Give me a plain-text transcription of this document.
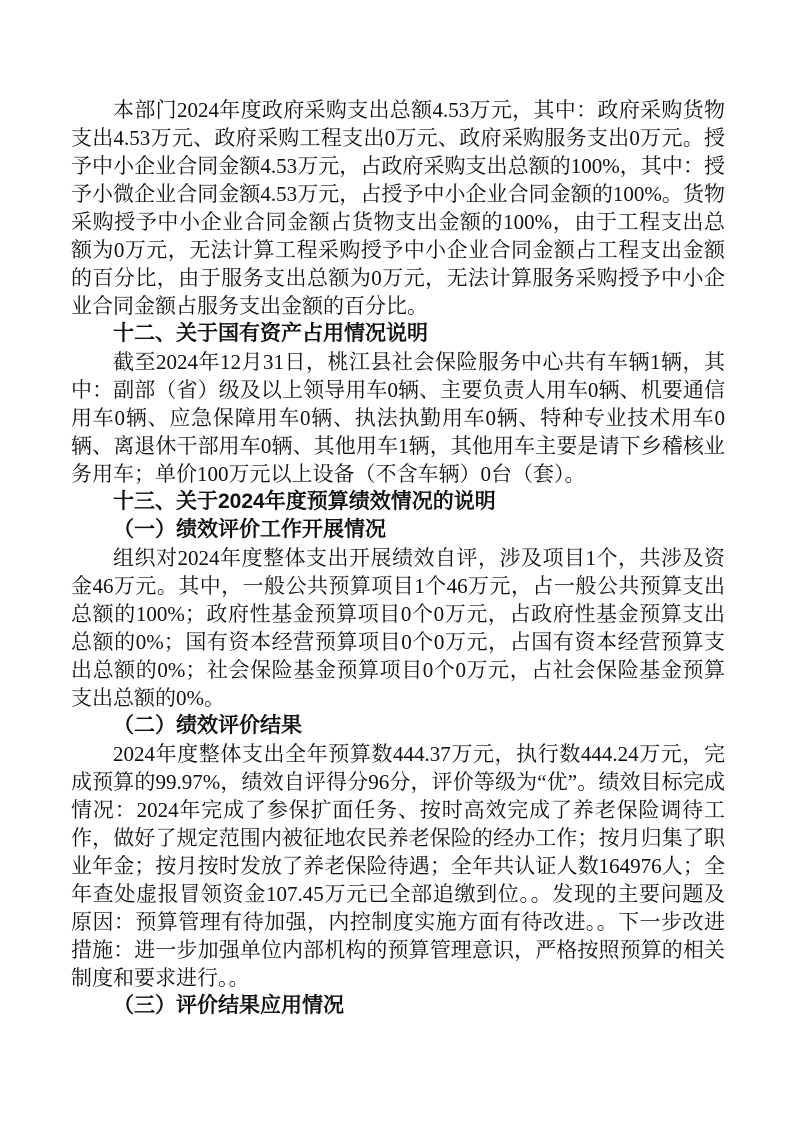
本部门2024年度政府采购支出总额4.53万元，其中：政府采购货物支出4.53万元、政府采购工程支出0万元、政府采购服务支出0万元。授予中小企业合同金额4.53万元，占政府采购支出总额的100%，其中：授予小微企业合同金额4.53万元，占授予中小企业合同金额的100%。货物采购授予中小企业合同金额占货物支出金额的100%，由于工程支出总额为0万元，无法计算工程采购授予中小企业合同金额占工程支出金额的百分比，由于服务支出总额为0万元，无法计算服务采购授予中小企业合同金额占服务支出金额的百分比。

十二、关于国有资产占用情况说明

截至2024年12月31日，桃江县社会保险服务中心共有车辆1辆，其中：副部（省）级及以上领导用车0辆、主要负责人用车0辆、机要通信用车0辆、应急保障用车0辆、执法执勤用车0辆、特种专业技术用车0辆、离退休干部用车0辆、其他用车1辆，其他用车主要是请下乡稽核业务用车；单价100万元以上设备（不含车辆）0台（套）。

十三、关于2024年度预算绩效情况的说明

（一）绩效评价工作开展情况

组织对2024年度整体支出开展绩效自评，涉及项目1个，共涉及资金46万元。其中，一般公共预算项目1个46万元，占一般公共预算支出总额的100%；政府性基金预算项目0个0万元，占政府性基金预算支出总额的0%；国有资本经营预算项目0个0万元，占国有资本经营预算支出总额的0%；社会保险基金预算项目0个0万元，占社会保险基金预算支出总额的0%。

（二）绩效评价结果

2024年度整体支出全年预算数444.37万元，执行数444.24万元，完成预算的99.97%，绩效自评得分96分，评价等级为“优”。绩效目标完成情况：2024年完成了参保扩面任务、按时高效完成了养老保险调待工作，做好了规定范围内被征地农民养老保险的经办工作；按月归集了职业年金；按月按时发放了养老保险待遇；全年共认证人数164976人；全年查处虚报冒领资金107.45万元已全部追缴到位。。发现的主要问题及原因：预算管理有待加强，内控制度实施方面有待改进。。下一步改进措施：进一步加强单位内部机构的预算管理意识，严格按照预算的相关制度和要求进行。。

（三）评价结果应用情况
